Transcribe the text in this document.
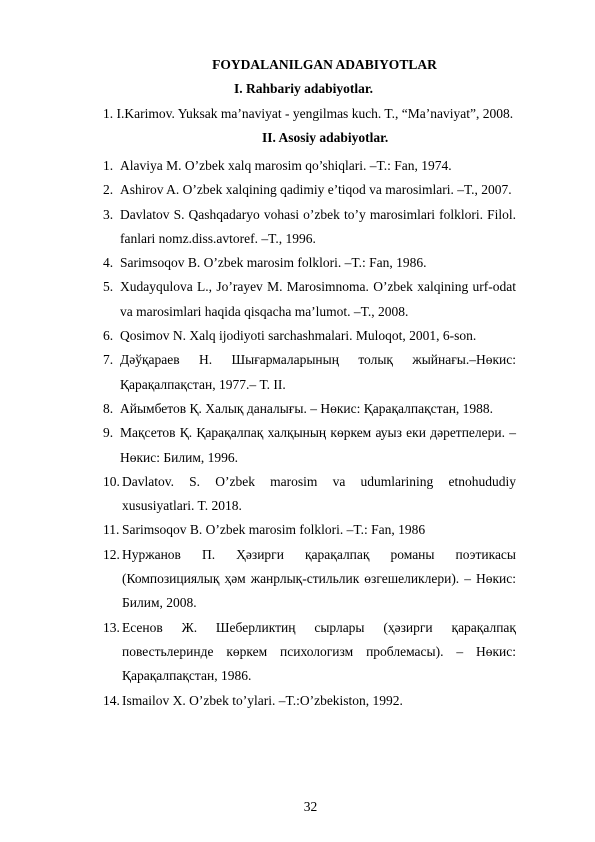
FOYDALANILGAN ADABIYOTLAR
I. Rahbariy adabiyotlar.
1. I.Karimov. Yuksak ma’naviyat - yengilmas kuch. T., “Ma’naviyat”, 2008.
II. Asosiy adabiyotlar.
1. Alaviya M. O’zbek xalq marosim qo’shiqlari. –T.: Fan, 1974.
2. Ashirov A. O’zbek xalqining qadimiy e’tiqod va marosimlari. –T., 2007.
3. Davlatov S. Qashqadaryo vohasi o’zbek to’y marosimlari folklori. Filol. fanlari nomz.diss.avtoref. –T., 1996.
4. Sarimsoqov B. O’zbek marosim folklori. –T.: Fan, 1986.
5. Xudayqulova L., Jo’rayev M. Marosimnoma. O’zbek xalqining urf-odat va marosimlari haqida qisqacha ma’lumot. –T., 2008.
6. Qosimov N. Xalq ijodiyoti sarchashmalari. Muloqot, 2001, 6-son.
7. Дәўқараев Н. Шығармаларының толық жыйнағы.–Нөкис: Қарақалпақстан, 1977.– T. II.
8. Айымбетов Қ. Халық даналығы. – Нөкис: Қарақалпақстан, 1988.
9. Мақсетов Қ. Қарақалпақ халқының көркем ауыз еки дәретпелери. – Нөкис: Билим, 1996.
10. Davlatov. S. O’zbek marosim va udumlarining etnohududiy xususiyatlari. T. 2018.
11. Sarimsoqov B. O’zbek marosim folklori. –T.: Fan, 1986
12. Нуржанов П. Ҳәзирги қарақалпақ романы поэтикасы (Композициялық ҳәм жанрлық-стильлик өзгешеликлери). – Нөкис: Билим, 2008.
13. Есенов Ж. Шеберликтиң сырлары (ҳәзирги қарақалпақ повестьлеринде көркем психологизм проблемасы). – Нөкис: Қарақалпақстан, 1986.
14. Ismailov X. O’zbek to’ylari. –T.:O’zbekiston, 1992.
32
